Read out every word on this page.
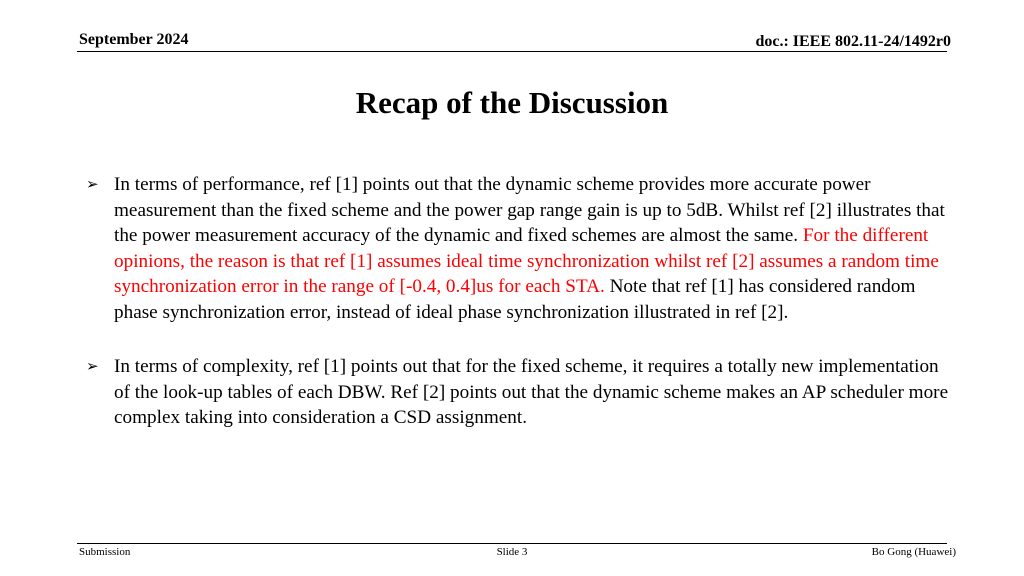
September 2024	doc.: IEEE 802.11-24/1492r0
Recap of the Discussion
➢ In terms of performance, ref [1] points out that the dynamic scheme provides more accurate power measurement than the fixed scheme and the power gap range gain is up to 5dB. Whilst ref [2] illustrates that the power measurement accuracy of the dynamic and fixed schemes are almost the same. For the different opinions, the reason is that ref [1] assumes ideal time synchronization whilst ref [2] assumes a random time synchronization error in the range of [-0.4, 0.4]us for each STA. Note that ref [1] has considered random phase synchronization error, instead of ideal phase synchronization illustrated in ref [2].
➢ In terms of complexity, ref [1] points out that for the fixed scheme, it requires a totally new implementation of the look-up tables of each DBW. Ref [2] points out that the dynamic scheme makes an AP scheduler more complex taking into consideration a CSD assignment.
Submission	Slide 3	Bo Gong (Huawei)
